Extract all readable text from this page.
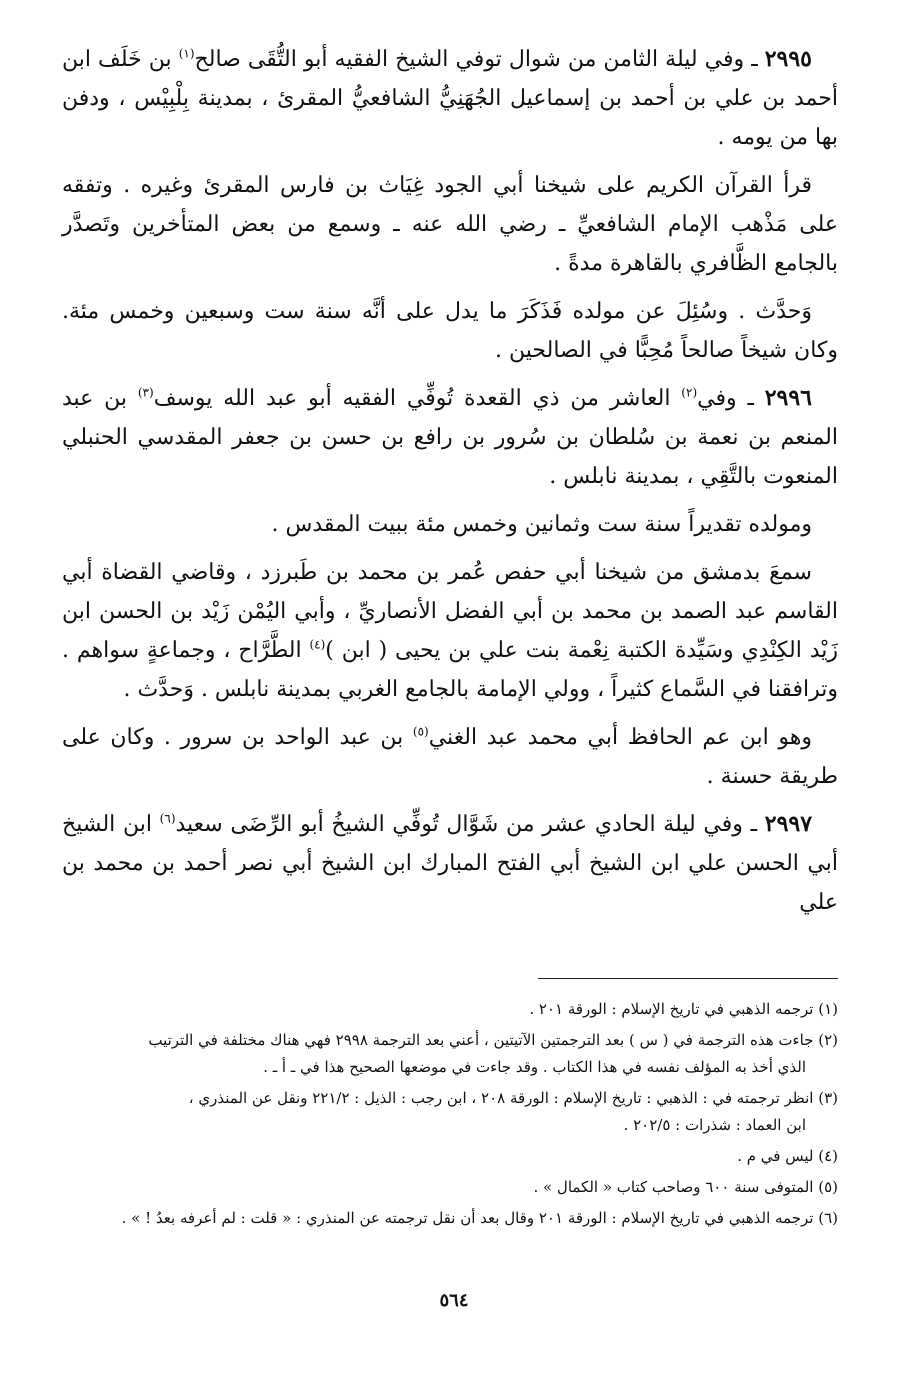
٢٩٩٥ ـ وفي ليلة الثامن من شوال توفي الشيخ الفقيه أبو التُّقَى صالح$^{(١)}$ بن خَلَف ابن أحمد بن علي بن أحمد بن إسماعيل الجُهَنِيُّ الشافعيُّ المقرئ ، بمدينة بِلْبِيْس ، ودفن بها من يومه .

قرأ القرآن الكريم على شيخنا أبي الجود غِيَاث بن فارس المقرئ وغيره . وتفقه على مَذْهب الإمام الشافعيِّ ـ رضي الله عنه ـ وسمع من بعض المتأخرين وتَصدَّر بالجامع الظَّافري بالقاهرة مدةً .

وَحدَّث . وسُئِلَ عن مولده فَذَكَرَ ما يدل على أنَّه سنة ست وسبعين وخمس مئة. وكان شيخاً صالحاً مُحِبًّا في الصالحين .

٢٩٩٦ ـ وفي$^{(٢)}$ العاشر من ذي القعدة تُوفِّي الفقيه أبو عبد الله يوسف$^{(٣)}$ بن عبد المنعم بن نعمة بن سُلطان بن سُرور بن رافع بن حسن بن جعفر المقدسي الحنبلي المنعوت بالتَّقِي ، بمدينة نابلس .

ومولده تقديراً سنة ست وثمانين وخمس مئة ببيت المقدس .

سمعَ بدمشق من شيخنا أبي حفص عُمر بن محمد بن طَبرزد ، وقاضي القضاة أبي القاسم عبد الصمد بن محمد بن أبي الفضل الأنصاريِّ ، وأبي اليُمْن زَيْد بن الحسن ابن زَيْد الكِنْدِي وسَيِّدة الكتبة نِعْمة بنت علي بن يحيى ( ابن )$^{(٤)}$ الطَّرَّاح ، وجماعةٍ سواهم . وترافقنا في السَّماع كثيراً ، وولي الإمامة بالجامع الغربي بمدينة نابلس . وَحدَّث .

وهو ابن عم الحافظ أبي محمد عبد الغني$^{(٥)}$ بن عبد الواحد بن سرور . وكان على طريقة حسنة .

٢٩٩٧ ـ وفي ليلة الحادي عشر من شَوَّال تُوفِّي الشيخُ أبو الرِّضَى سعيد$^{(٦)}$ ابن الشيخ أبي الحسن علي ابن الشيخ أبي الفتح المبارك ابن الشيخ أبي نصر أحمد بن محمد بن علي

(١) ترجمه الذهبي في تاريخ الإسلام : الورقة ٢٠١ .
(٢) جاءت هذه الترجمة في ( س ) بعد الترجمتين الآتيتين ، أعني بعد الترجمة ٢٩٩٨ فهي هناك مختلفة في الترتيب
الذي أخذ به المؤلف نفسه في هذا الكتاب . وقد جاءت في موضعها الصحيح هذا في ـ أ ـ .
(٣) انظر ترجمته في : الذهبي : تاريخ الإسلام : الورقة ٢٠٨ ، ابن رجب : الذيل : ٢٢١/٢ ونقل عن المنذري ،
ابن العماد : شذرات : ٢٠٢/٥ .
(٤) ليس في م .
(٥) المتوفى سنة ٦٠٠ وصاحب كتاب « الكمال » .
(٦) ترجمه الذهبي في تاريخ الإسلام : الورقة ٢٠١ وقال بعد أن نقل ترجمته عن المنذري : « قلت : لم أعرفه بعدُ ! » .
٥٦٤
